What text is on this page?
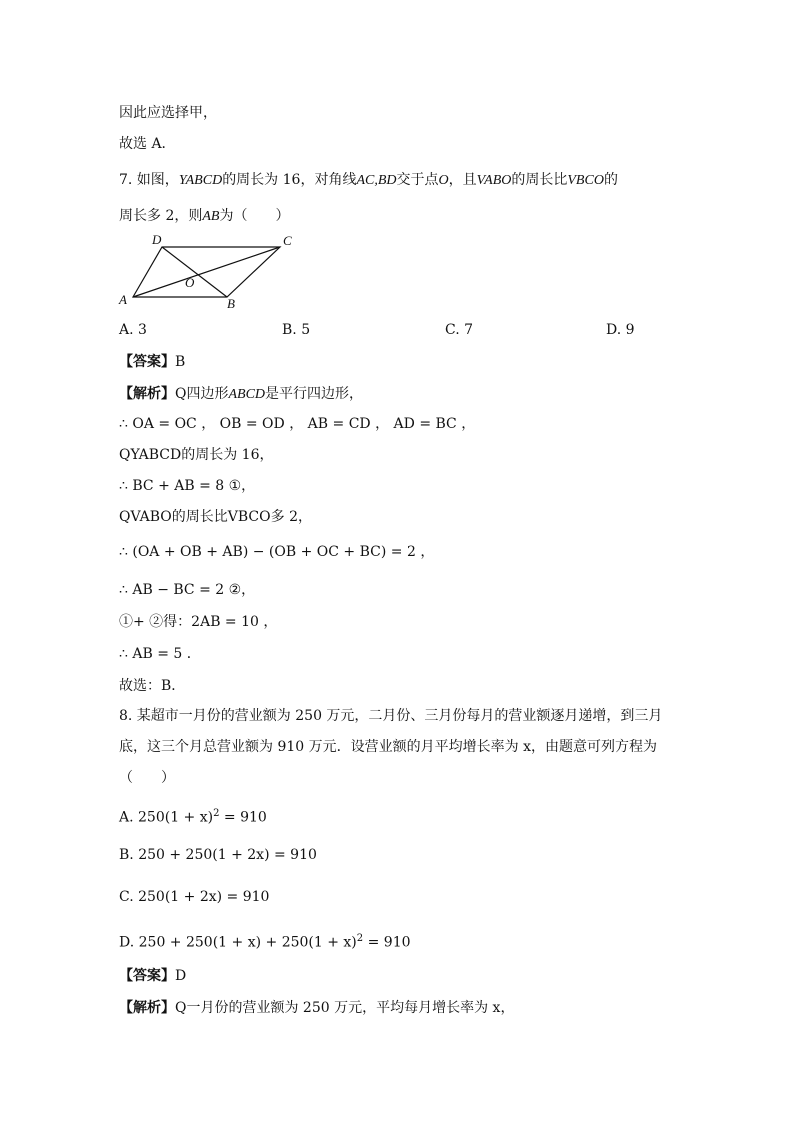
因此应选择甲，
故选 A．
7. 如图，YABCD的周长为 16，对角线AC,BD交于点O，且VABO的周长比VBCO的
周长多 2，则AB为（　　）
D	C
O
A	B
A. 3	B. 5	C. 7	D. 9
【答案】B
【解析】Q四边形ABCD是平行四边形，
∴ OA = OC ， OB = OD ， AB = CD ， AD = BC ，
QYABCD的周长为 16，
∴ BC + AB = 8 ①，
QVABO的周长比VBCO多 2，
∴ (OA + OB + AB) − (OB + OC + BC) = 2 ，
∴ AB − BC = 2 ②，
①+ ②得：2AB = 10 ，
∴ AB = 5 ．
故选：B．
8. 某超市一月份的营业额为 250 万元，二月份、三月份每月的营业额逐月递增，到三月
底，这三个月总营业额为 910 万元．设营业额的月平均增长率为 x，由题意可列方程为
（　　）
A. $250(1 + x)^2 = 910$
B. 250 + 250(1 + 2x) = 910
C. 250(1 + 2x) = 910
D. $250 + 250(1 + x) + 250(1 + x)^2 = 910$
【答案】D
【解析】Q一月份的营业额为 250 万元，平均每月增长率为 x，
